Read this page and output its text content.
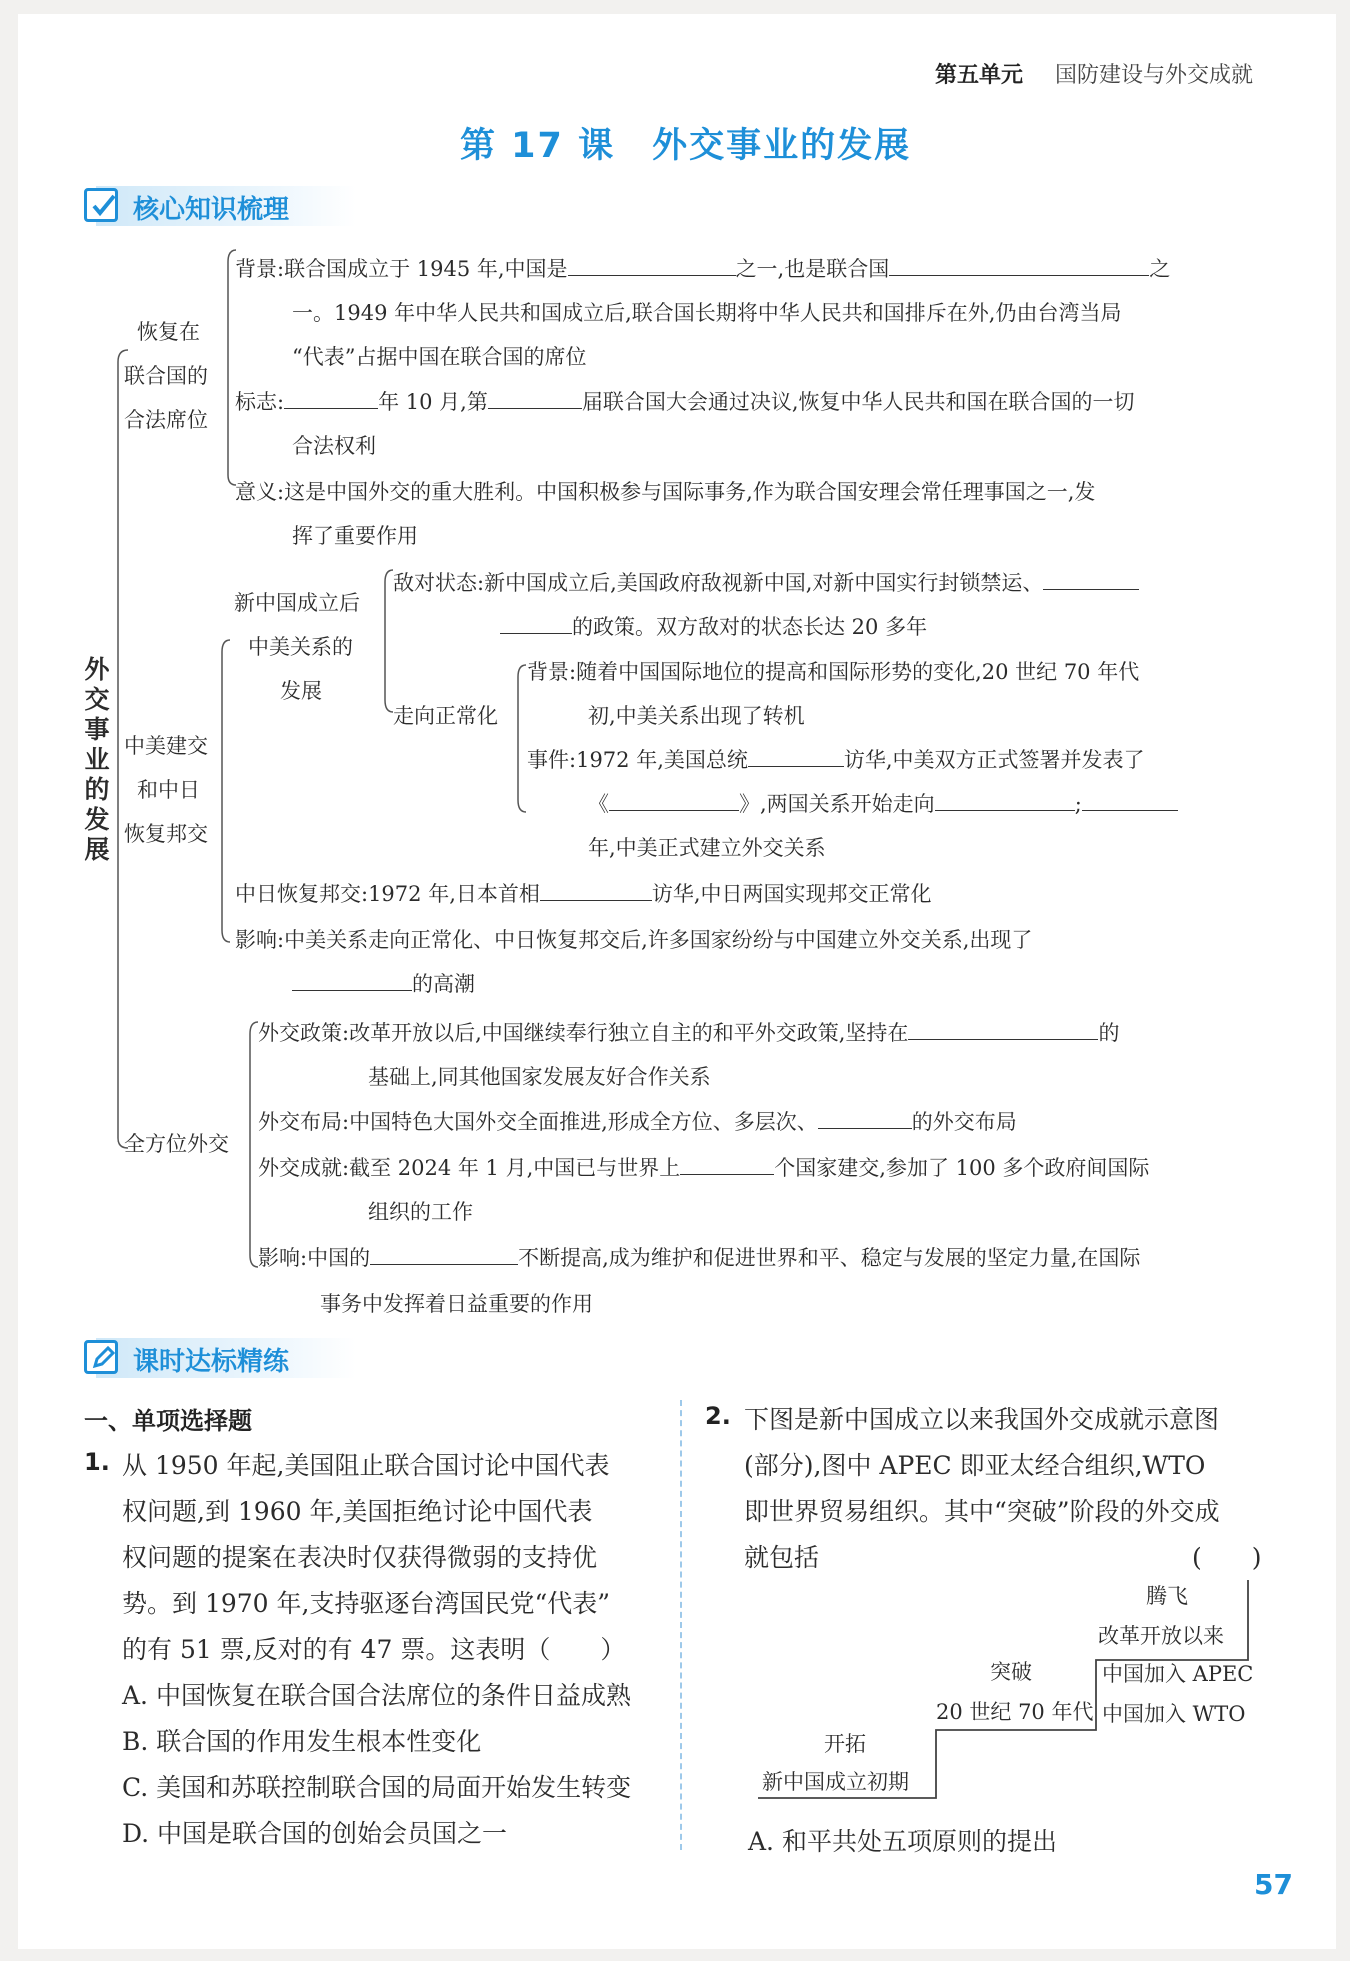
第五单元 国防建设与外交成就
第 17 课　外交事业的发展
核心知识梳理
外交事业的发展
恢复在
联合国的
合法席位
背景:联合国成立于 1945 年,中国是	之一,也是联合国	之
一。1949 年中华人民共和国成立后,联合国长期将中华人民共和国排斥在外,仍由台湾当局
“代表”占据中国在联合国的席位
标志:	年 10 月,第	届联合国大会通过决议,恢复中华人民共和国在联合国的一切
合法权利
意义:这是中国外交的重大胜利。中国积极参与国际事务,作为联合国安理会常任理事国之一,发
挥了重要作用
新中国成立后
中美关系的
发展
敌对状态:新中国成立后,美国政府敌视新中国,对新中国实行封锁禁运、
的政策。双方敌对的状态长达 20 多年
走向正常化
背景:随着中国国际地位的提高和国际形势的变化,20 世纪 70 年代
初,中美关系出现了转机
事件:1972 年,美国总统	访华,中美双方正式签署并发表了
《	》,两国关系开始走向	;
年,中美正式建立外交关系
中美建交
和中日
恢复邦交
中日恢复邦交:1972 年,日本首相	访华,中日两国实现邦交正常化
影响:中美关系走向正常化、中日恢复邦交后,许多国家纷纷与中国建立外交关系,出现了
的高潮
全方位外交
外交政策:改革开放以后,中国继续奉行独立自主的和平外交政策,坚持在	的
基础上,同其他国家发展友好合作关系
外交布局:中国特色大国外交全面推进,形成全方位、多层次、	的外交布局
外交成就:截至 2024 年 1 月,中国已与世界上	个国家建交,参加了 100 多个政府间国际
组织的工作
影响:中国的	不断提高,成为维护和促进世界和平、稳定与发展的坚定力量,在国际
事务中发挥着日益重要的作用
课时达标精练
一、单项选择题
1. 从 1950 年起,美国阻止联合国讨论中国代表
权问题,到 1960 年,美国拒绝讨论中国代表
权问题的提案在表决时仅获得微弱的支持优
势。到 1970 年,支持驱逐台湾国民党“代表”
的有 51 票,反对的有 47 票。这表明（　　）
A. 中国恢复在联合国合法席位的条件日益成熟
B. 联合国的作用发生根本性变化
C. 美国和苏联控制联合国的局面开始发生转变
D. 中国是联合国的创始会员国之一
2. 下图是新中国成立以来我国外交成就示意图
(部分),图中 APEC 即亚太经合组织,WTO
即世界贸易组织。其中“突破”阶段的外交成
就包括	(　　)
开拓
新中国成立初期
突破
20 世纪 70 年代
腾飞
改革开放以来
中国加入 APEC
中国加入 WTO
A. 和平共处五项原则的提出
57
